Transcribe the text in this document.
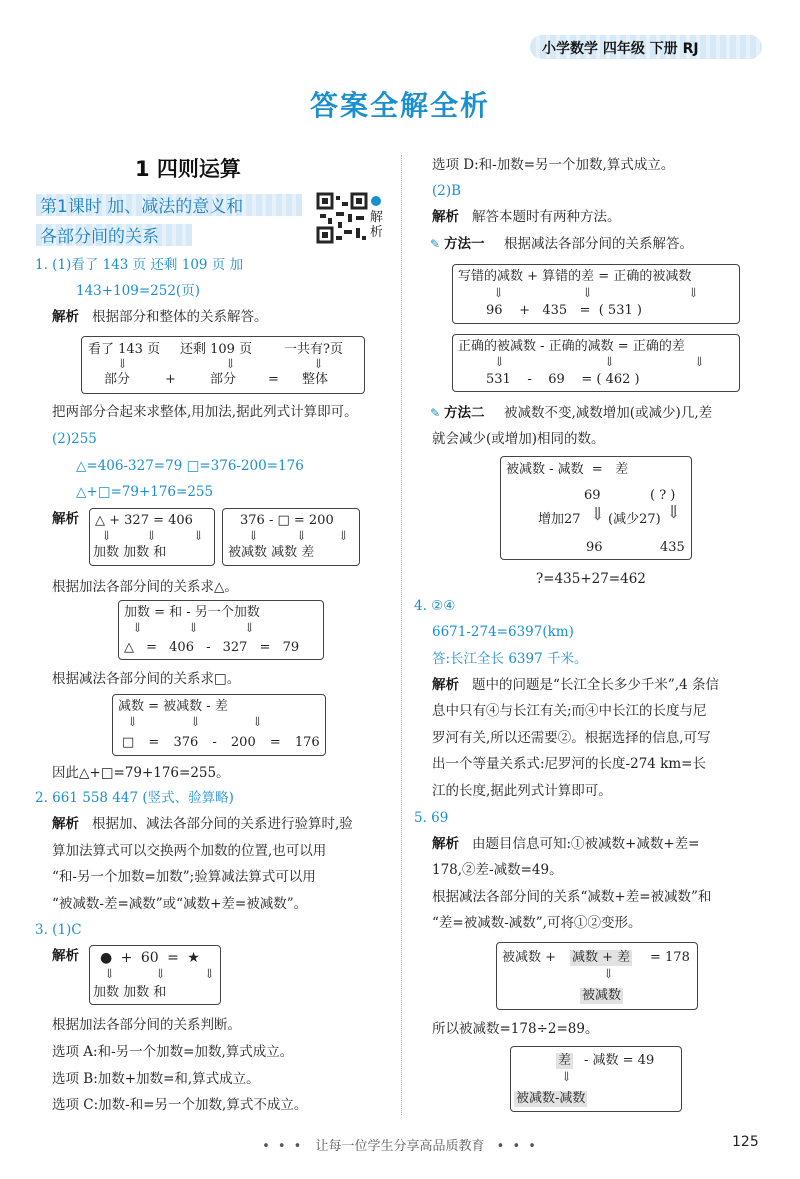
小学数学 四年级 下册 RJ
答案全解全析
1 四则运算
第1课时 加、减法的意义和
各部分间的关系
解析
1. (1)看了 143 页 还剩 109 页 加
143+109=252(页)
解析 根据部分和整体的关系解答。
看了 143 页 还剩 109 页 一共有?页
⇓	⇓	⇓
部分	+	部分 = 整体
把两部分合起来求整体,用加法,据此列式计算即可。
(2)255
△=406-327=79 □=376-200=176
△+□=79+176=255
解析 △ + 327 = 406
⇓	⇓	⇓
加数 加数 和
376 - □ = 200
⇓	⇓ ⇓
被减数 减数 差
根据加法各部分间的关系求△。
加数 = 和 - 另一个加数
⇓	⇓	⇓
△ = 406 - 327 = 79
根据减法各部分间的关系求□。
减数 = 被减数 - 差
⇓	⇓	⇓
□ = 376 - 200 = 176
因此△+□=79+176=255。
2. 661 558 447 (竖式、验算略)
解析 根据加、减法各部分间的关系进行验算时,验
算加法算式可以交换两个加数的位置,也可以用
“和-另一个加数=加数”;验算减法算式可以用
“被减数-差=减数”或“减数+差=被减数”。
3. (1)C
解析 ● + 60 = ★
⇓	⇓	⇓
加数 加数 和
根据加法各部分间的关系判断。
选项 A:和-另一个加数=加数,算式成立。
选项 B:加数+加数=和,算式成立。
选项 C:加数-和=另一个加数,算式不成立。
选项 D:和-加数=另一个加数,算式成立。
(2)B
解析 解答本题时有两种方法。
✎ 方法一 根据减法各部分间的关系解答。
写错的减数 + 算错的差 = 正确的被减数
⇓	⇓	⇓
96    +   435   =  ( 531 )
正确的被减数 - 正确的减数 = 正确的差
⇓	⇓	⇓
531    -    69    = ( 462 )
✎ 方法二 被减数不变,减数增加(或减少)几,差
就会减少(或增加)相同的数。
被减数 - 减数  =   差
69	( ? )
增加27 (减少27)
⇓	⇓
96	435
?=435+27=462
4. ②④
6671-274=6397(km)
答:长江全长 6397 千米。
解析 题中的问题是“长江全长多少千米”,4 条信
息中只有④与长江有关;而④中长江的长度与尼
罗河有关,所以还需要②。根据选择的信息,可写
出一个等量关系式:尼罗河的长度-274 km=长
江的长度,据此列式计算即可。
5. 69
解析 由题目信息可知:①被减数+减数+差=
178,②差-减数=49。
根据减法各部分间的关系“减数+差=被减数”和
“差=被减数-减数”,可将①②变形。
被减数 + 减数 + 差 = 178
⇓
被减数
所以被减数=178÷2=89。
差 - 减数 = 49
⇓
被减数-减数
• • • 让每一位学生分享高品质教育 • • •	125
